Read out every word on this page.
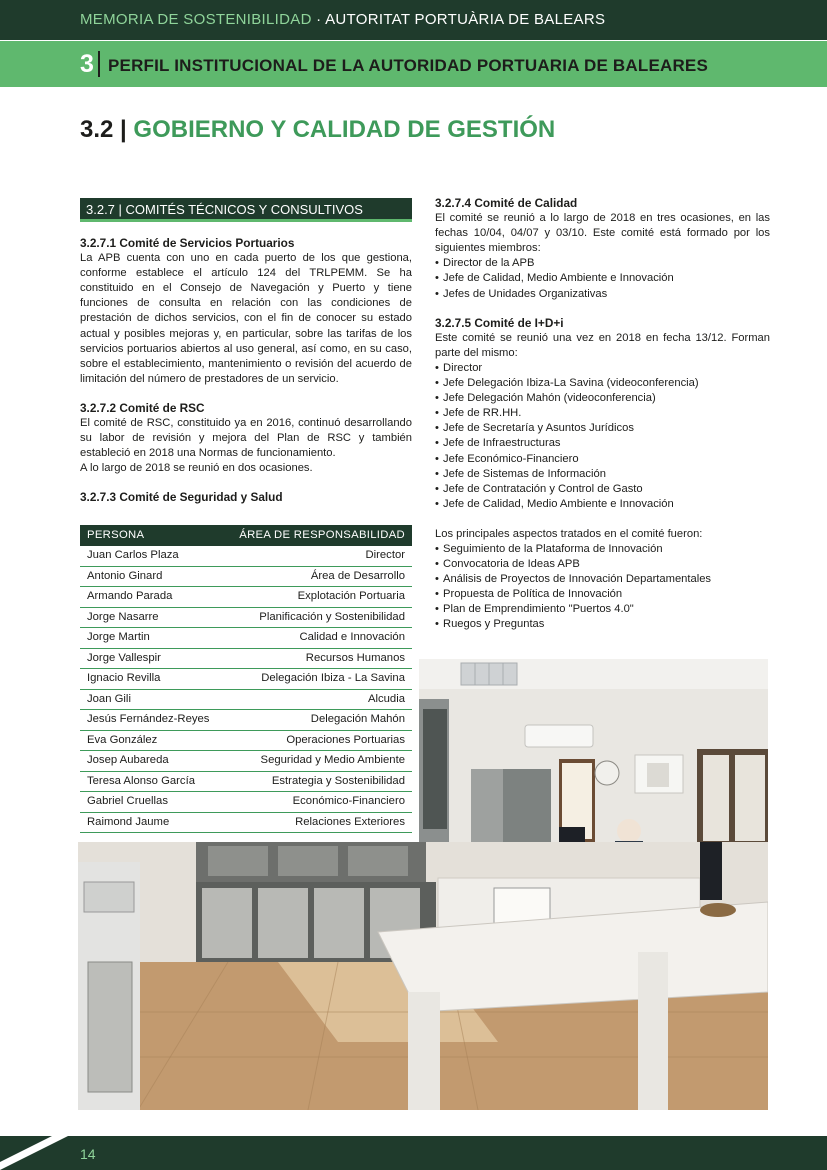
MEMORIA DE SOSTENIBILIDAD · AUTORITAT PORTUÀRIA DE BALEARS
3 PERFIL INSTITUCIONAL DE LA AUTORIDAD PORTUARIA DE BALEARES
3.2 | GOBIERNO Y CALIDAD DE GESTIÓN
3.2.7 | COMITÉS TÉCNICOS Y CONSULTIVOS
3.2.7.1 Comité de Servicios Portuarios
La APB cuenta con uno en cada puerto de los que gestiona, conforme establece el artículo 124 del TRLPEMM. Se ha constituido en el Consejo de Navegación y Puerto y tiene funciones de consulta en relación con las condiciones de prestación de dichos servicios, con el fin de conocer su estado actual y posibles mejoras y, en particular, sobre las tarifas de los servicios portuarios abiertos al uso general, así como, en su caso, sobre el establecimiento, mantenimiento o revisión del acuerdo de limitación del número de prestadores de un servicio.
3.2.7.2 Comité de RSC
El comité de RSC, constituido ya en 2016, continuó desarrollando su labor de revisión y mejora del Plan de RSC y también estableció en 2018 una Normas de funcionamiento.
A lo largo de 2018 se reunió en dos ocasiones.
3.2.7.3 Comité de Seguridad y Salud
PERSONA	ÁREA DE RESPONSABILIDAD
Juan Carlos Plaza	Director
Antonio Ginard	Área de Desarrollo
Armando Parada	Explotación Portuaria
Jorge Nasarre	Planificación y Sostenibilidad
Jorge Martin	Calidad e Innovación
Jorge Vallespir	Recursos Humanos
Ignacio Revilla	Delegación Ibiza - La Savina
Joan Gili	Alcudia
Jesús Fernández-Reyes	Delegación Mahón
Eva González	Operaciones Portuarias
Josep Aubareda	Seguridad y Medio Ambiente
Teresa Alonso García	Estrategia y Sostenibilidad
Gabriel Cruellas	Económico-Financiero
Raimond Jaume	Relaciones Exteriores
3.2.7.4 Comité de Calidad
El comité se reunió a lo largo de 2018 en tres ocasiones, en las fechas 10/04, 04/07 y 03/10. Este comité está formado por los siguientes miembros:
• Director de la APB
• Jefe de Calidad, Medio Ambiente e Innovación
• Jefes de Unidades Organizativas
3.2.7.5 Comité de I+D+i
Este comité se reunió una vez en 2018 en fecha 13/12. Forman parte del mismo:
• Director
• Jefe Delegación Ibiza-La Savina (videoconferencia)
• Jefe Delegación Mahón (videoconferencia)
• Jefe de RR.HH.
• Jefe de Secretaría y Asuntos Jurídicos
• Jefe de Infraestructuras
• Jefe Económico-Financiero
• Jefe de Sistemas de Información
• Jefe de Contratación y Control de Gasto
• Jefe de Calidad, Medio Ambiente e Innovación
Los principales aspectos tratados en el comité fueron:
• Seguimiento de la Plataforma de Innovación
• Convocatoria de Ideas APB
• Análisis de Proyectos de Innovación Departamentales
• Propuesta de Política de Innovación
• Plan de Emprendimiento "Puertos 4.0"
• Ruegos y Preguntas
14
